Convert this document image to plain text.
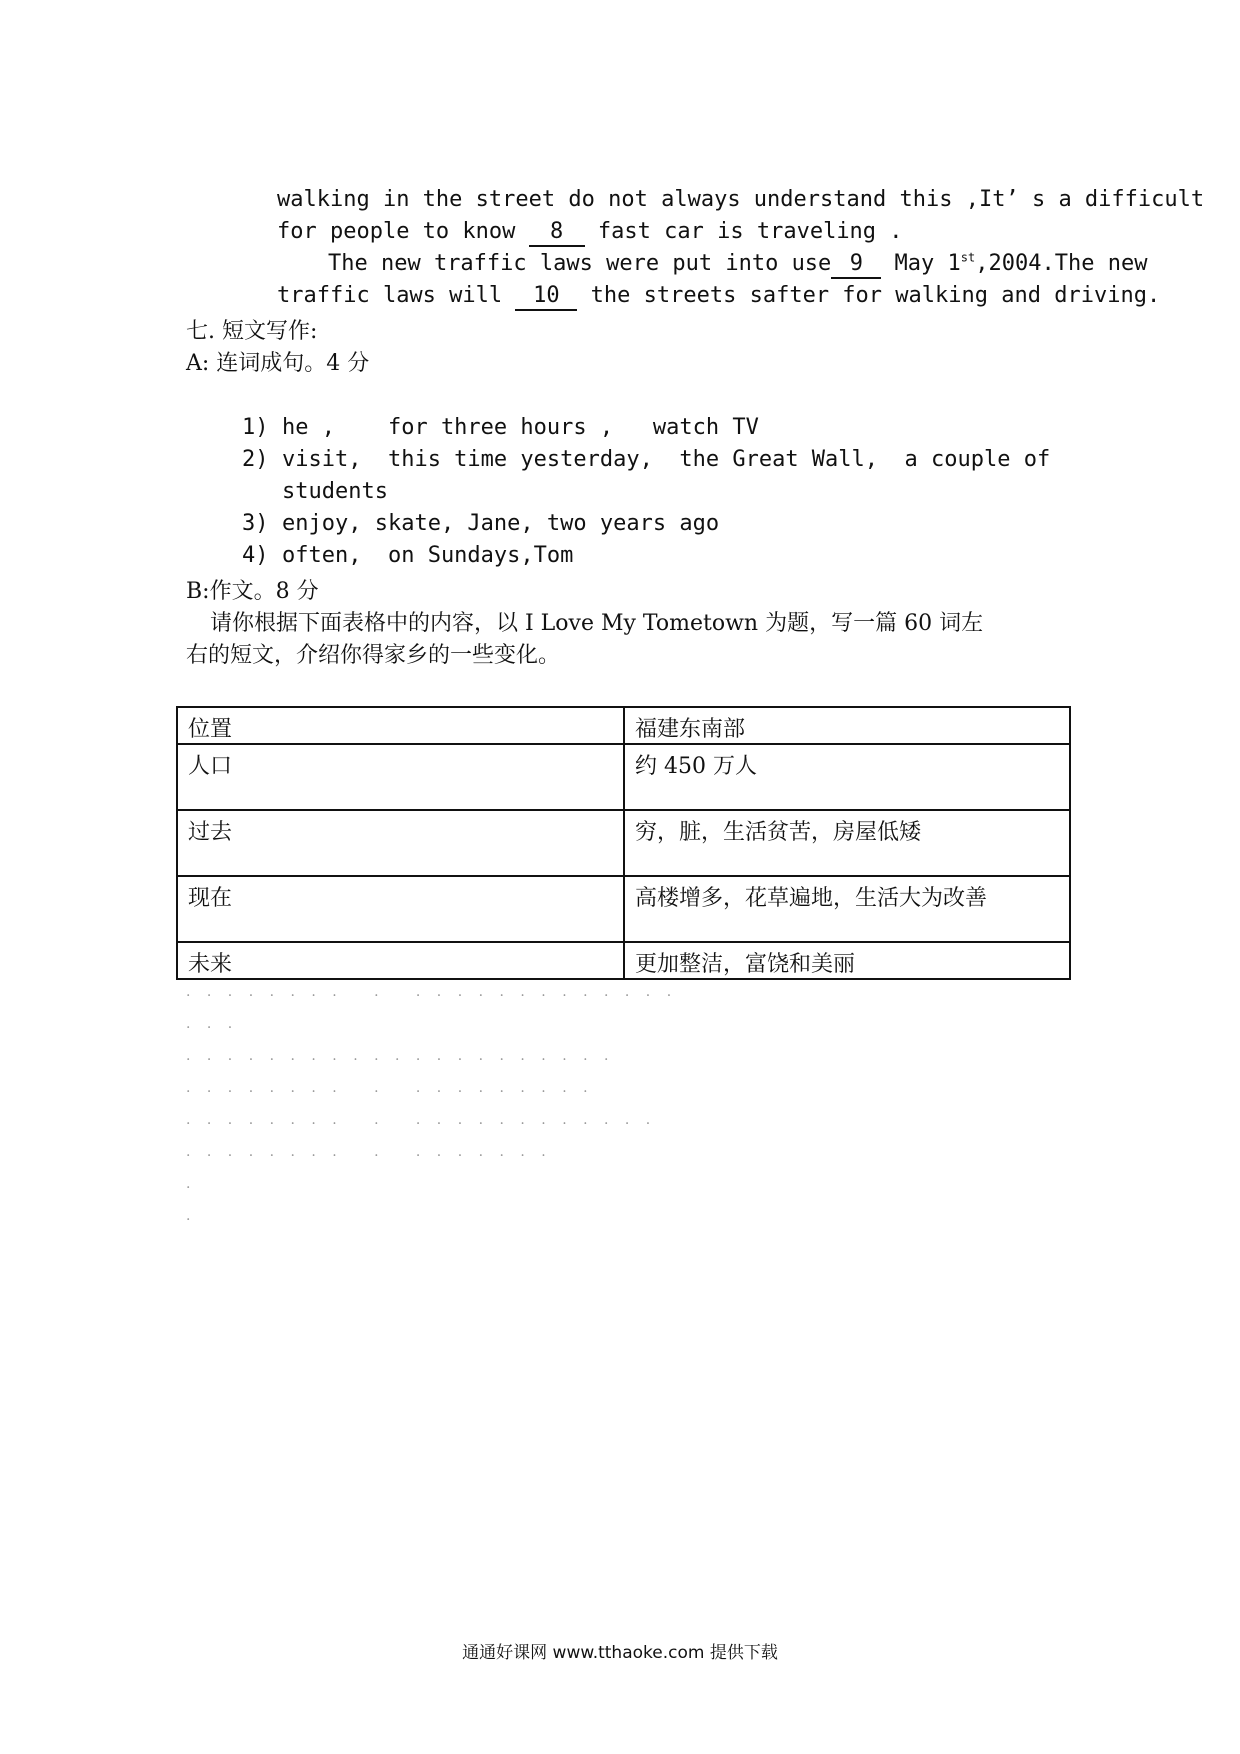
walking in the street do not always understand this ,It’ s a difficult

for people to know 8 fast car is traveling .

The new traffic laws were put into use 9 May 1st,2004.The new

traffic laws will 10 the streets safter for walking and driving.

七. 短文写作:
A: 连词成句。4 分

1) he ,    for three hours ,   watch TV

2) visit,  this time yesterday,  the Great Wall,  a couple of

students

3) enjoy, skate, Jane, two years ago

4) often,  on Sundays,Tom

B:作文。8 分
请你根据下面表格中的内容，以 I Love My Tometown 为题，写一篇 60 词左
右的短文，介绍你得家乡的一些变化。
位置	福建东南部
人口	约 450 万人
过去	穷，脏，生活贫苦，房屋低矮
现在	高楼增多，花草遍地，生活大为改善
未来	更加整洁，富饶和美丽
· · · · · · · ·   ·   · · · · · · · · · · · · ·
· · ·
· · · · · · · · · · · · · · · · · · · · ·
· · · · · · · ·   ·   · · · · · · · · ·
· · · · · · · ·   ·   · · · · · · · · · · · ·
· · · · · · · ·   ·   · · · · · · ·
·
·
通通好课网 www.tthaoke.com 提供下载
